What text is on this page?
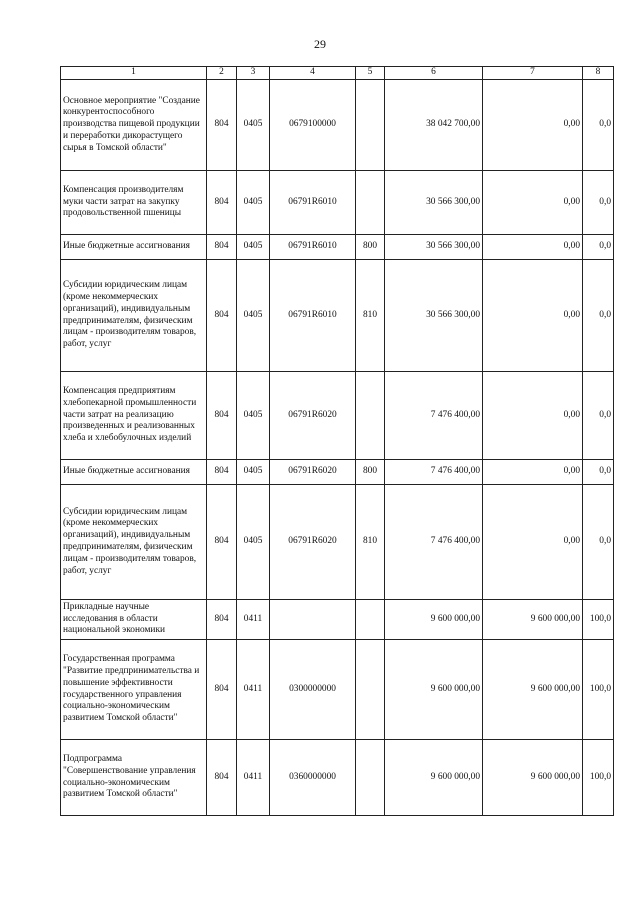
29
1	2	3	4	5	6	7	8
Основное мероприятие "Создание конкурентоспособного производства пищевой продукции и переработки дикорастущего сырья в Томской области"	804	0405	0679100000		38 042 700,00	0,00	0,0
Компенсация производителям муки части затрат на закупку продовольственной пшеницы	804	0405	06791R6010		30 566 300,00	0,00	0,0
Иные бюджетные ассигнования	804	0405	06791R6010	800	30 566 300,00	0,00	0,0
Субсидии юридическим лицам (кроме некоммерческих организаций), индивидуальным предпринимателям, физическим лицам - производителям товаров, работ, услуг	804	0405	06791R6010	810	30 566 300,00	0,00	0,0
Компенсация предприятиям хлебопекарной промышленности части затрат на реализацию произведенных и реализованных хлеба и хлебобулочных изделий	804	0405	06791R6020		7 476 400,00	0,00	0,0
Иные бюджетные ассигнования	804	0405	06791R6020	800	7 476 400,00	0,00	0,0
Субсидии юридическим лицам (кроме некоммерческих организаций), индивидуальным предпринимателям, физическим лицам - производителям товаров, работ, услуг	804	0405	06791R6020	810	7 476 400,00	0,00	0,0
Прикладные научные исследования в области национальной экономики	804	0411			9 600 000,00	9 600 000,00	100,0
Государственная программа "Развитие предпринимательства и повышение эффективности государственного управления социально-экономическим развитием Томской области"	804	0411	0300000000		9 600 000,00	9 600 000,00	100,0
Подпрограмма "Совершенствование управления социально-экономическим развитием Томской области"	804	0411	0360000000		9 600 000,00	9 600 000,00	100,0
